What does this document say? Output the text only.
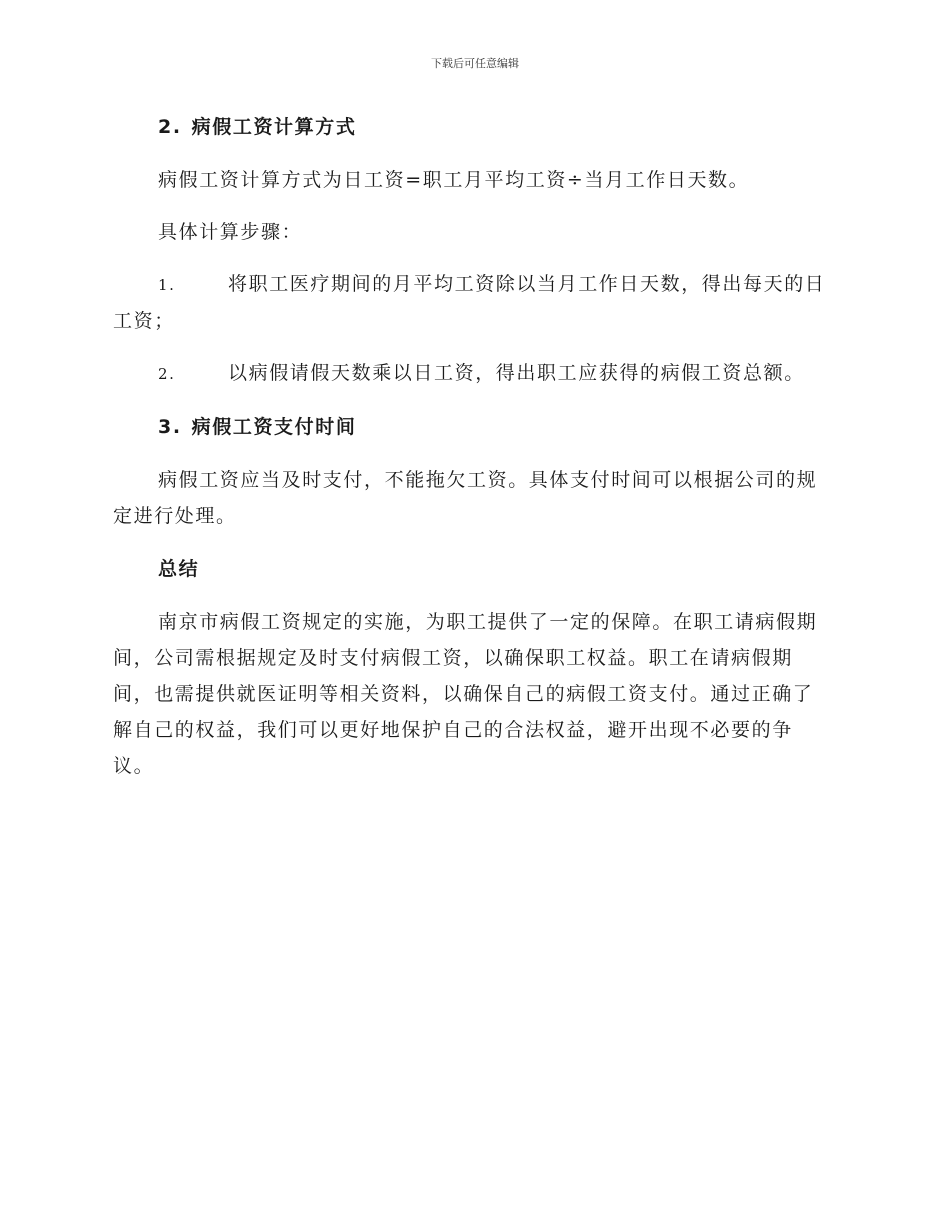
下载后可任意编辑
2. 病假工资计算方式

病假工资计算方式为日工资=职工月平均工资÷当月工作日天数。

具体计算步骤：

1.	将职工医疗期间的月平均工资除以当月工作日天数，得出每天的日工资；

2.	以病假请假天数乘以日工资，得出职工应获得的病假工资总额。

3. 病假工资支付时间

病假工资应当及时支付，不能拖欠工资。具体支付时间可以根据公司的规定进行处理。

总结

南京市病假工资规定的实施，为职工提供了一定的保障。在职工请病假期间，公司需根据规定及时支付病假工资，以确保职工权益。职工在请病假期间，也需提供就医证明等相关资料，以确保自己的病假工资支付。通过正确了解自己的权益，我们可以更好地保护自己的合法权益，避开出现不必要的争议。
